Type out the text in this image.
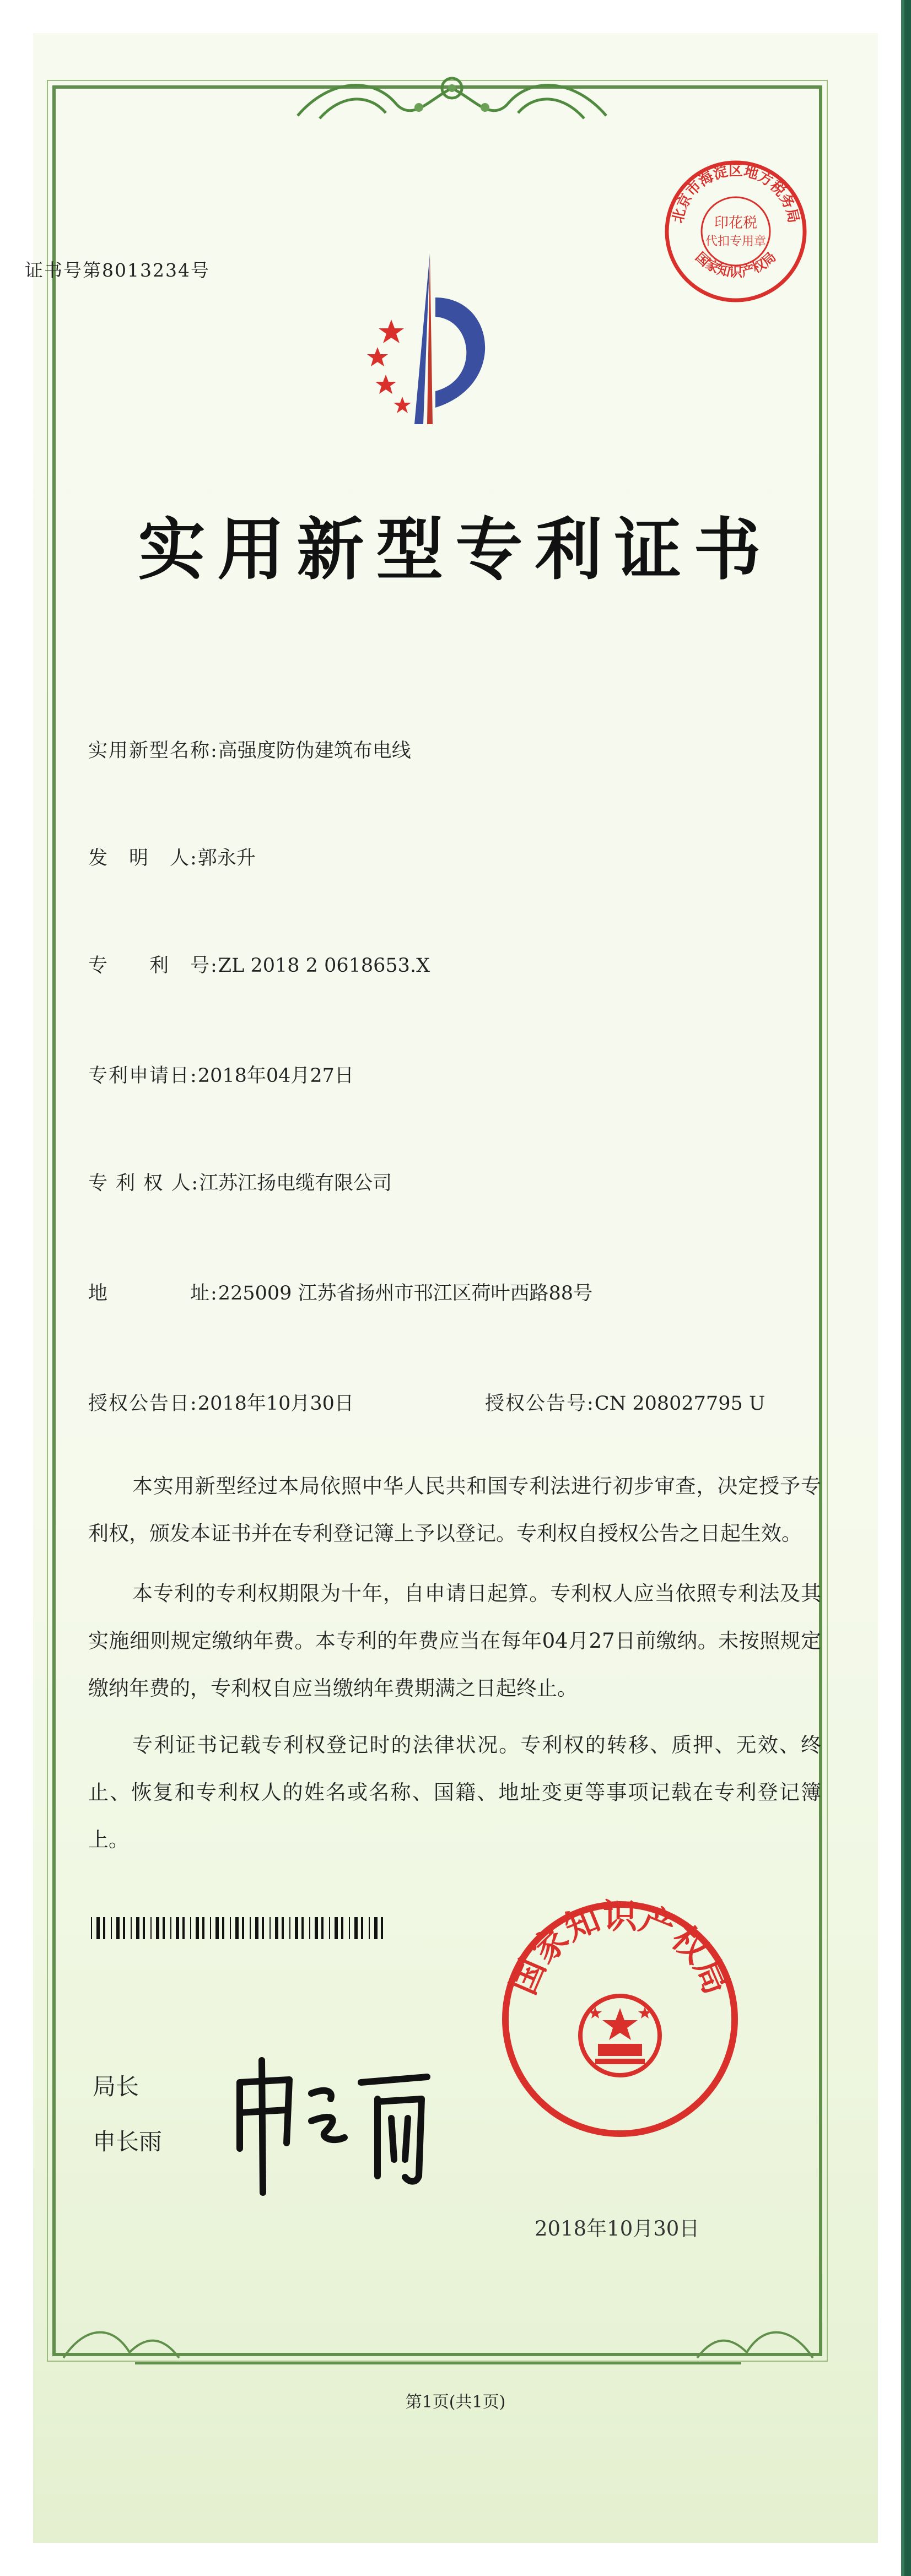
证书号第8013234号
印花税
代扣专用章
北京市海淀区地方税务局
国家知识产权局
实用新型专利证书
实用新型名称:高强度防伪建筑布电线
发　明　人:郭永升
专　　利　号:ZL 2018 2 0618653.X
专利申请日:2018年04月27日
专 利 权 人:江苏江扬电缆有限公司
地　　　　址:225009 江苏省扬州市邗江区荷叶西路88号
授权公告日:2018年10月30日	授权公告号:CN 208027795 U
本实用新型经过本局依照中华人民共和国专利法进行初步审查，决定授予专利权，颁发本证书并在专利登记簿上予以登记。专利权自授权公告之日起生效。
本专利的专利权期限为十年，自申请日起算。专利权人应当依照专利法及其实施细则规定缴纳年费。本专利的年费应当在每年04月27日前缴纳。未按照规定缴纳年费的，专利权自应当缴纳年费期满之日起终止。
专利证书记载专利权登记时的法律状况。专利权的转移、质押、无效、终止、恢复和专利权人的姓名或名称、国籍、地址变更等事项记载在专利登记簿上。
局长
申长雨
国家知识产权局
2018年10月30日
第1页(共1页)
